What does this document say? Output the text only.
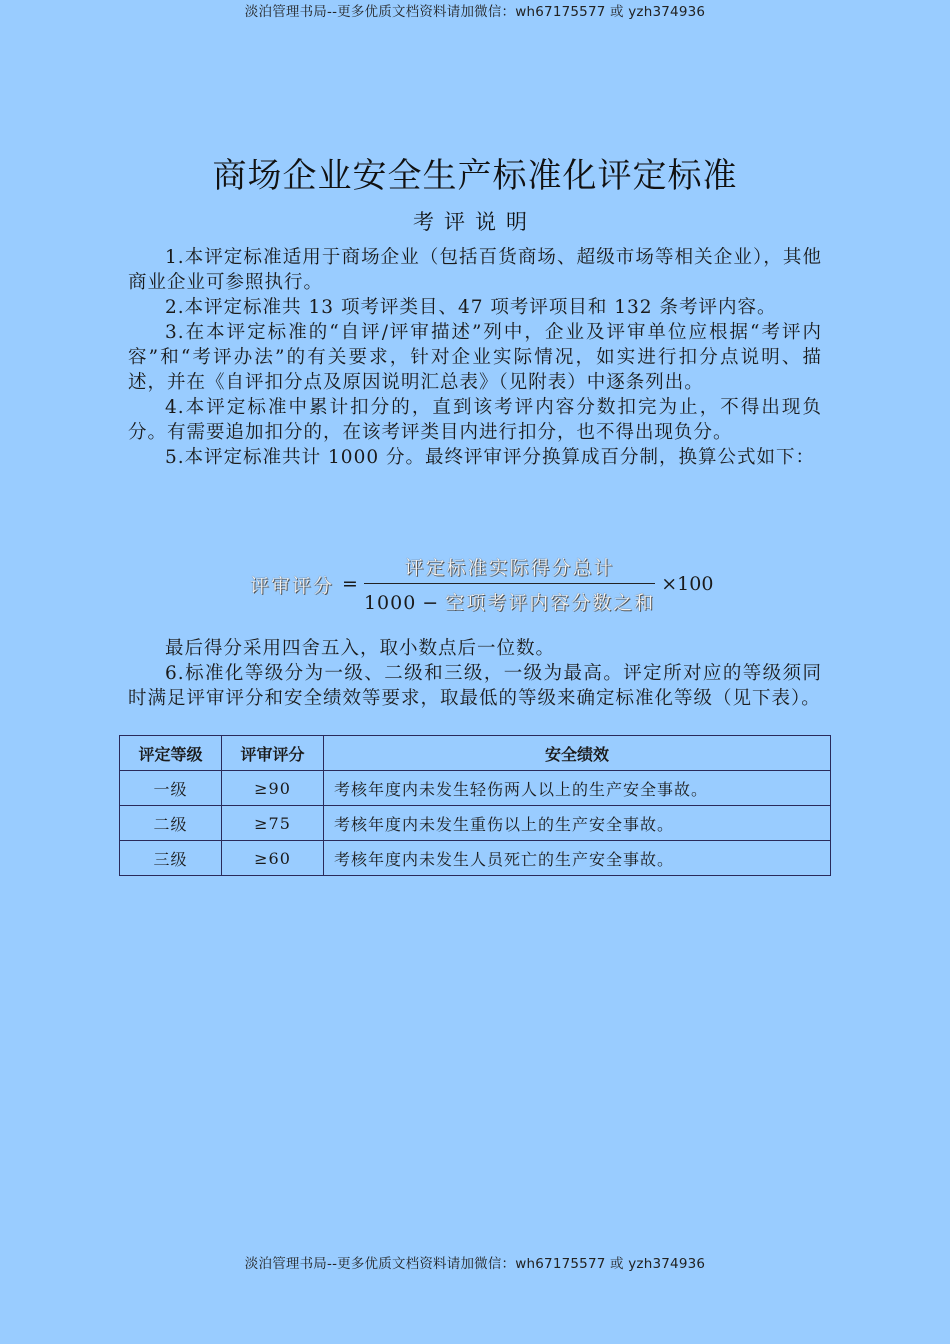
淡泊管理书局--更多优质文档资料请加微信：wh67175577 或 yzh374936
商场企业安全生产标准化评定标准
考评说明

1.本评定标准适用于商场企业（包括百货商场、超级市场等相关企业），其他商业企业可参照执行。

2.本评定标准共 13 项考评类目、47 项考评项目和 132 条考评内容。

3.在本评定标准的“自评/评审描述”列中，企业及评审单位应根据“考评内容”和“考评办法”的有关要求，针对企业实际情况，如实进行扣分点说明、描述，并在《自评扣分点及原因说明汇总表》（见附表）中逐条列出。

4.本评定标准中累计扣分的，直到该考评内容分数扣完为止，不得出现负分。有需要追加扣分的，在该考评类目内进行扣分，也不得出现负分。

5.本评定标准共计 1000 分。最终评审评分换算成百分制，换算公式如下：

评审评分 = $\frac{\text{评定标准实际得分总计}}{\text{1000 − 空项考评内容分数之和}} \times 100$

最后得分采用四舍五入，取小数点后一位数。

6.标准化等级分为一级、二级和三级，一级为最高。评定所对应的等级须同时满足评审评分和安全绩效等要求，取最低的等级来确定标准化等级（见下表）。

评定等级	评审评分	安全绩效
一级	≥90	考核年度内未发生轻伤两人以上的生产安全事故。
二级	≥75	考核年度内未发生重伤以上的生产安全事故。
三级	≥60	考核年度内未发生人员死亡的生产安全事故。
淡泊管理书局--更多优质文档资料请加微信：wh67175577 或 yzh374936
